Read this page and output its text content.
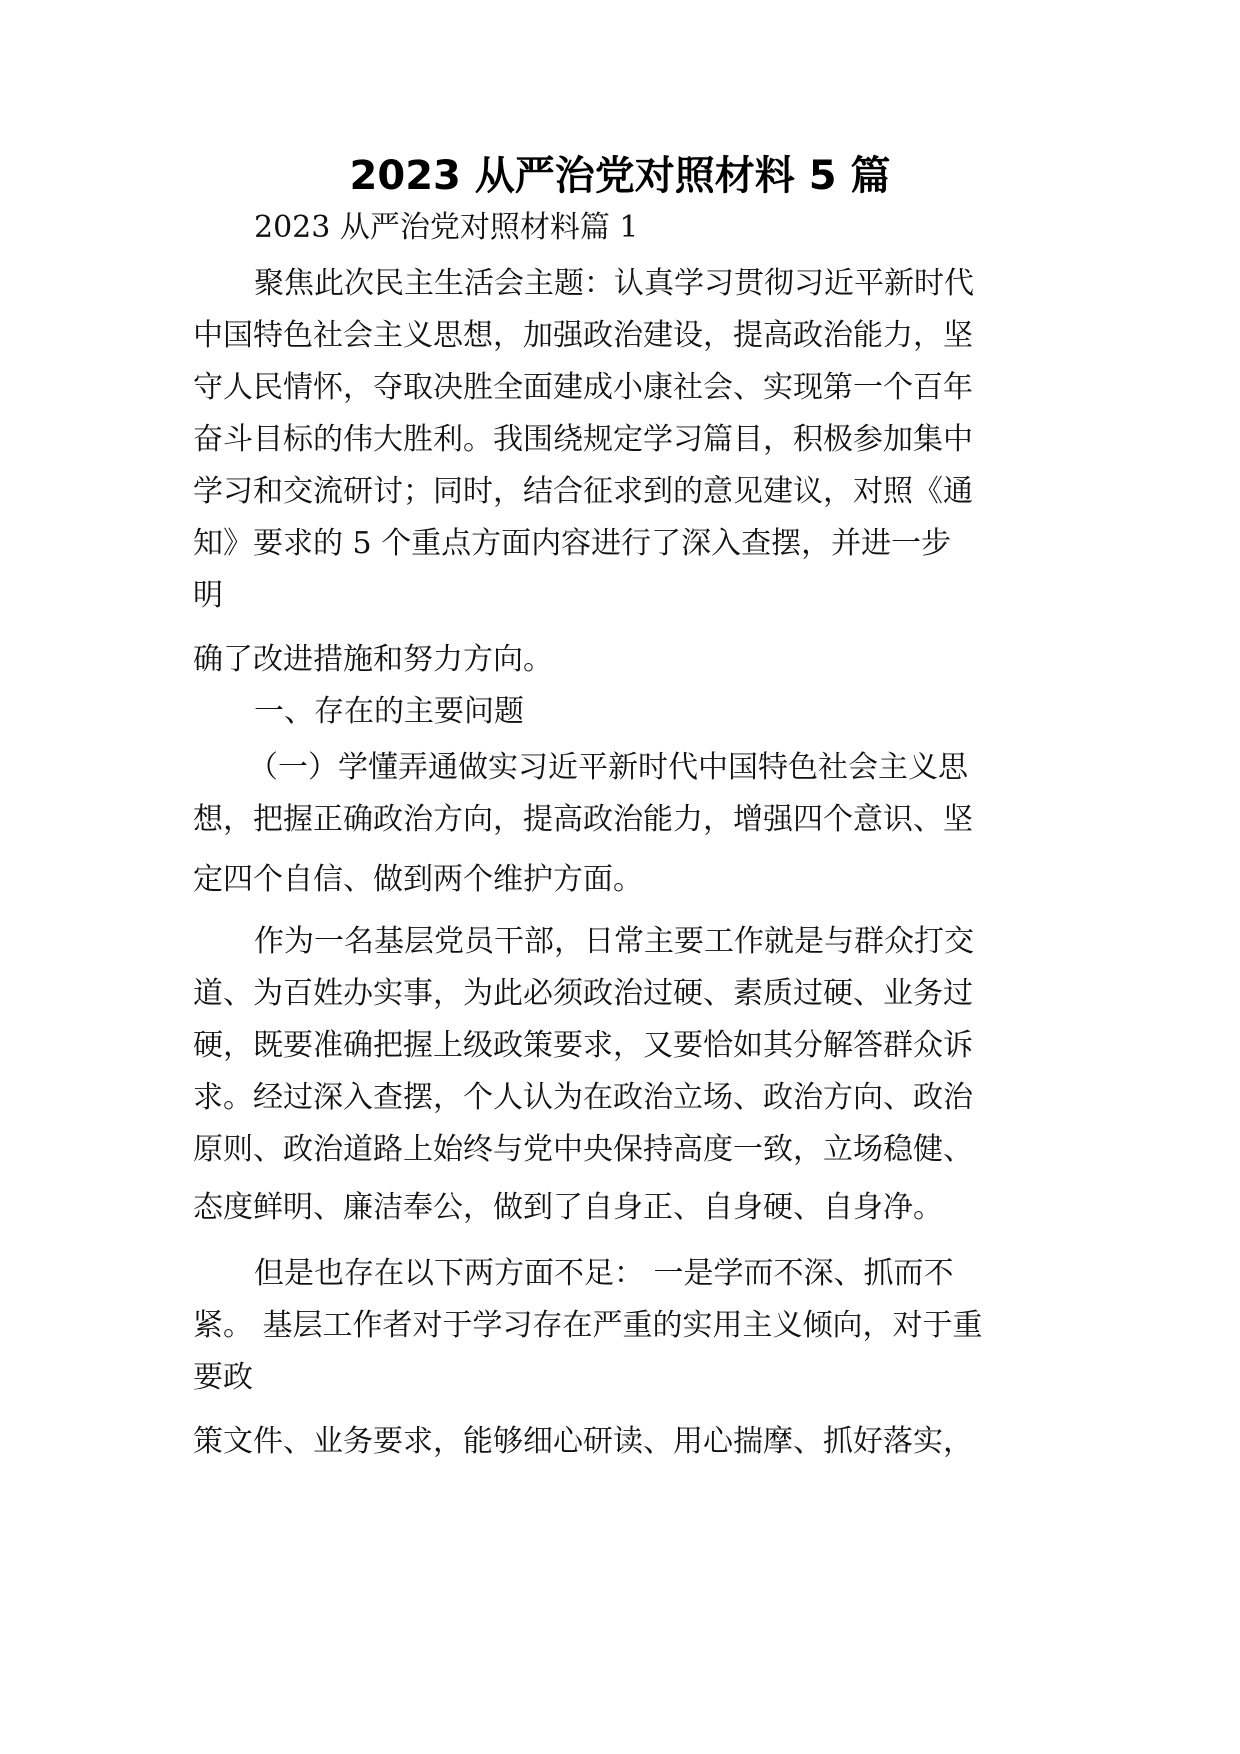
2023 从严治党对照材料 5 篇
2023 从严治党对照材料篇 1
聚焦此次民主生活会主题：认真学习贯彻习近平新时代
中国特色社会主义思想，加强政治建设，提高政治能力，坚
守人民情怀，夺取决胜全面建成小康社会、实现第一个百年
奋斗目标的伟大胜利。我围绕规定学习篇目，积极参加集中
学习和交流研讨；同时，结合征求到的意见建议，对照《通
知》要求的 5 个重点方面内容进行了深入查摆，并进一步
明
确了改进措施和努力方向。
一、存在的主要问题
（一）学懂弄通做实习近平新时代中国特色社会主义思
想，把握正确政治方向，提高政治能力，增强四个意识、坚
定四个自信、做到两个维护方面。
作为一名基层党员干部，日常主要工作就是与群众打交
道、为百姓办实事，为此必须政治过硬、素质过硬、业务过
硬，既要准确把握上级政策要求，又要恰如其分解答群众诉
求。经过深入查摆，个人认为在政治立场、政治方向、政治
原则、政治道路上始终与党中央保持高度一致，立场稳健、
态度鲜明、廉洁奉公，做到了自身正、自身硬、自身净。
但是也存在以下两方面不足： 一是学而不深、抓而不
紧。 基层工作者对于学习存在严重的实用主义倾向，对于重
要政
策文件、业务要求，能够细心研读、用心揣摩、抓好落实，
